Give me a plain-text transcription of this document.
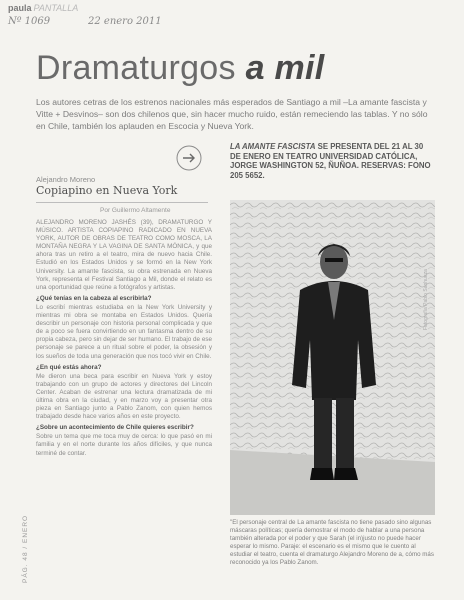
paula PANTALLA
Nº 1069	22 enero 2011
Dramaturgos a mil
Los autores cetras de los estrenos nacionales más esperados de Santiago a mil –La amante fascista y Vitte + Desvinos– son dos chilenos que, sin hacer mucho ruido, están remeciendo las tablas. Y no sólo en Chile, también los aplauden en Escocia y Nueva York.
LA AMANTE FASCISTA SE PRESENTA DEL 21 AL 30 DE ENERO EN TEATRO UNIVERSIDAD CATÓLICA, JORGE WASHINGTON 52, ÑUÑOA. RESERVAS: FONO 205 5652.
Alejandro Moreno
Copiapino en Nueva York
Por Guillermo Altamente

ALEJANDRO MORENO JASHÉS (39), DRAMATURGO Y MÚSICO. ARTISTA COPIAPINO RADICADO EN NUEVA YORK, AUTOR DE OBRAS DE TEATRO COMO MOSCA, LA MONTAÑA NEGRA Y LA VAGINA DE SANTA MÓNICA, y que ahora tras un retiro a el teatro, mira de nuevo hacia Chile. Estudió en los Estados Unidos y se formó en la New York University. La amante fascista, su obra estrenada en Nueva York, representa el Festival Santiago a Mil, donde el relato es una oportunidad que reúne a fotógrafos y artistas.

¿Qué tenías en la cabeza al escribirla?

Lo escribí mientras estudiaba en la New York University y mientras mi obra se montaba en Estados Unidos. Quería describir un personaje con historia personal complicada y que de a poco se fuera convirtiendo en un fantasma dentro de su propia cabeza, pero sin dejar de ser humano. El trabajo de ese personaje se parece a un ritual sobre el poder, la obsesión y los sueños de toda una generación que nos tocó vivir en Chile.

¿En qué estás ahora?

Me dieron una beca para escribir en Nueva York y estoy trabajando con un grupo de actores y directores del Lincoln Center. Acaban de estrenar una lectura dramatizada de mi última obra en la ciudad, y en marzo voy a presentar otra pieza en Santiago junto a Pablo Zanom, con quien hemos trabajado desde hace varios años en este proyecto.

¿Sobre un acontecimiento de Chile quieres escribir?

Sobre un tema que me toca muy de cerca: lo que pasó en mi familia y en el norte durante los años difíciles, y que nunca terminé de contar.

Fotografía Pablo Sanhueza
"El personaje central de La amante fascista no tiene pasado sino algunas máscaras políticas; quería demostrar el modo de hablar a una persona también alterada por el poder y que Sarah (el in)justo no puede hacer esperar lo mismo. Paraje: el escenario es el mismo que le cuento al estudiar el teatro, cuenta el dramaturgo Alejandro Moreno de a, cómo más reconocido ya los Pablo Zanom.
PÁG. 48 / ENERO
